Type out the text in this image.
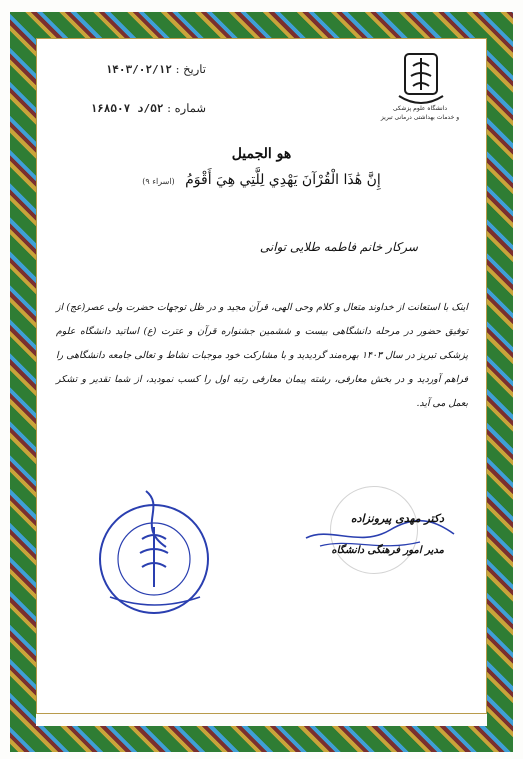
دانشگاه علوم پزشکی
و خدمات بهداشتی درمانی تبریز
تاریخ : ۱۴۰۳/۰۲/۱۲
شماره : ۵۲/د ۱۶۸۵۰۷
هو الجمیل
إِنَّ هَٰذَا الْقُرْآنَ يَهْدِي لِلَّتِي هِيَ أَقْوَمُ (اسراء ۹)
سرکار خانم فاطمه طلایی توانی
اینک با استعانت از خداوند متعال و کلام وحی الهی، قرآن مجید و در ظل توجهات حضرت ولی عصر(عج) از توفیق حضور در مرحله دانشگاهی بیست و ششمین جشنواره قرآن و عترت (ع) اساتید دانشگاه علوم پزشکی تبریز در سال ۱۴۰۳ بهره‌مند گردیدید و با مشارکت خود موجبات نشاط و تعالی جامعه دانشگاهی را فراهم آوردید و در بخش معارفی، رشته پیمان معارفی رتبه اول را کسب نمودید، از شما تقدیر و تشکر بعمل می آید.
دکتر مهدی پیرونزاده
مدیر امور فرهنگی دانشگاه
